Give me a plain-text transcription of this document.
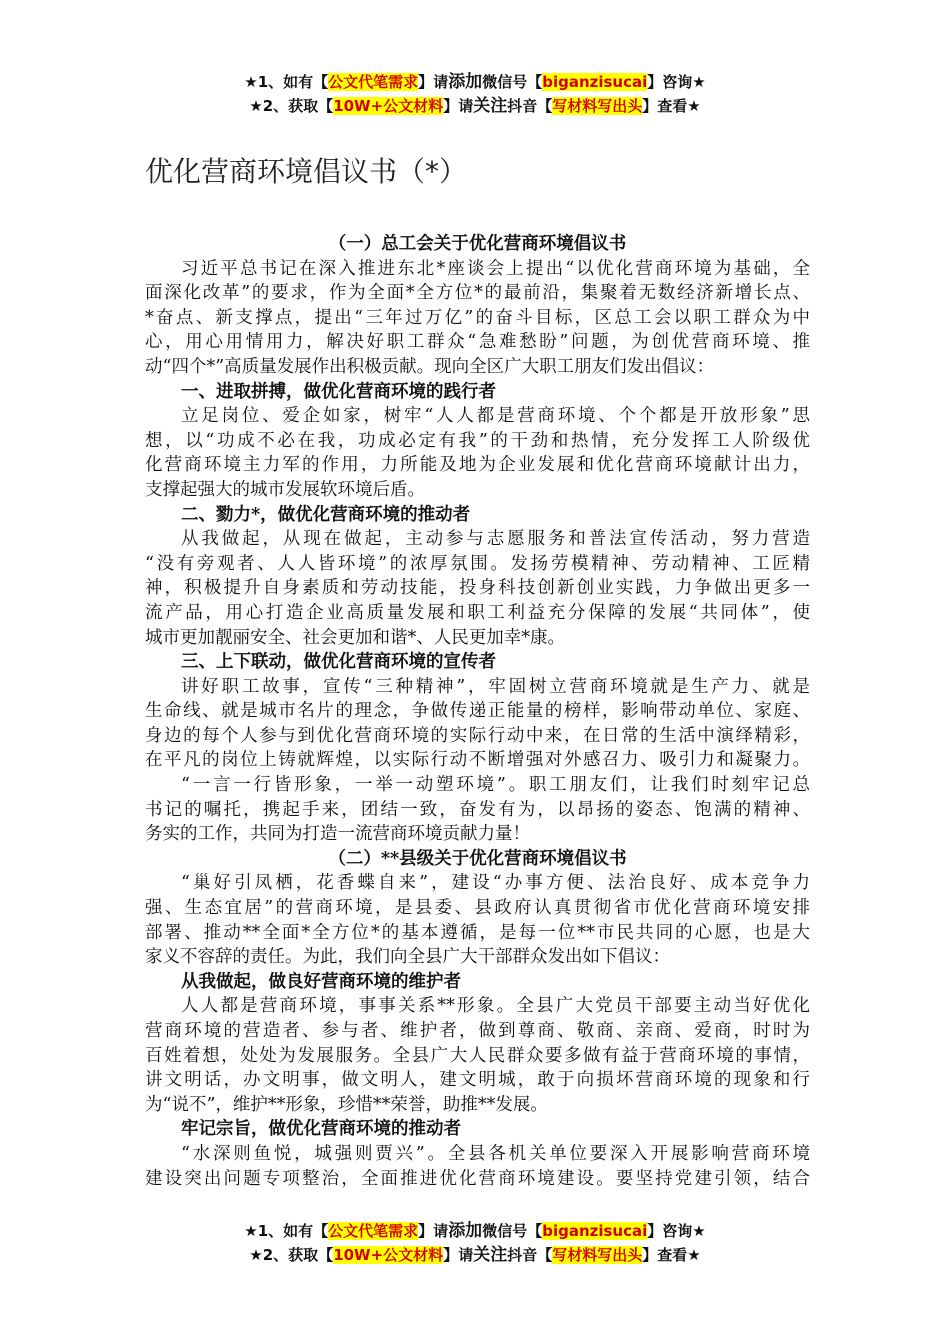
★1、如有【公文代笔需求】请添加微信号【biganzisucai】咨询★
★2、获取【10W+公文材料】请关注抖音【写材料写出头】查看★
优化营商环境倡议书（*）
（一）总工会关于优化营商环境倡议书
习近平总书记在深入推进东北*座谈会上提出“以优化营商环境为基础，全
面深化改革”的要求，作为全面*全方位*的最前沿，集聚着无数经济新增长点、
*奋点、新支撑点，提出“三年过万亿”的奋斗目标，区总工会以职工群众为中
心，用心用情用力，解决好职工群众“急难愁盼”问题，为创优营商环境、推
动“四个*”高质量发展作出积极贡献。现向全区广大职工朋友们发出倡议：
一、进取拼搏，做优化营商环境的践行者
立足岗位、爱企如家，树牢“人人都是营商环境、个个都是开放形象”思
想，以“功成不必在我，功成必定有我”的干劲和热情，充分发挥工人阶级优
化营商环境主力军的作用，力所能及地为企业发展和优化营商环境献计出力，
支撑起强大的城市发展软环境后盾。
二、勠力*，做优化营商环境的推动者
从我做起，从现在做起，主动参与志愿服务和普法宣传活动，努力营造
“没有旁观者、人人皆环境”的浓厚氛围。发扬劳模精神、劳动精神、工匠精
神，积极提升自身素质和劳动技能，投身科技创新创业实践，力争做出更多一
流产品，用心打造企业高质量发展和职工利益充分保障的发展“共同体”，使
城市更加靓丽安全、社会更加和谐*、人民更加幸*康。
三、上下联动，做优化营商环境的宣传者
讲好职工故事，宣传“三种精神”，牢固树立营商环境就是生产力、就是
生命线、就是城市名片的理念，争做传递正能量的榜样，影响带动单位、家庭、
身边的每个人参与到优化营商环境的实际行动中来，在日常的生活中演绎精彩，
在平凡的岗位上铸就辉煌，以实际行动不断增强对外感召力、吸引力和凝聚力。
“一言一行皆形象，一举一动塑环境”。职工朋友们，让我们时刻牢记总
书记的嘱托，携起手来，团结一致，奋发有为，以昂扬的姿态、饱满的精神、
务实的工作，共同为打造一流营商环境贡献力量！
（二）**县级关于优化营商环境倡议书
“巢好引凤栖，花香蝶自来”，建设“办事方便、法治良好、成本竞争力
强、生态宜居”的营商环境，是县委、县政府认真贯彻省市优化营商环境安排
部署、推动**全面*全方位*的基本遵循，是每一位**市民共同的心愿，也是大
家义不容辞的责任。为此，我们向全县广大干部群众发出如下倡议：
从我做起，做良好营商环境的维护者
人人都是营商环境，事事关系**形象。全县广大党员干部要主动当好优化
营商环境的营造者、参与者、维护者，做到尊商、敬商、亲商、爱商，时时为
百姓着想，处处为发展服务。全县广大人民群众要多做有益于营商环境的事情，
讲文明话，办文明事，做文明人，建文明城，敢于向损坏营商环境的现象和行
为“说不”，维护**形象，珍惜**荣誉，助推**发展。
牢记宗旨，做优化营商环境的推动者
“水深则鱼悦，城强则贾兴”。全县各机关单位要深入开展影响营商环境
建设突出问题专项整治，全面推进优化营商环境建设。要坚持党建引领，结合
★1、如有【公文代笔需求】请添加微信号【biganzisucai】咨询★
★2、获取【10W+公文材料】请关注抖音【写材料写出头】查看★
